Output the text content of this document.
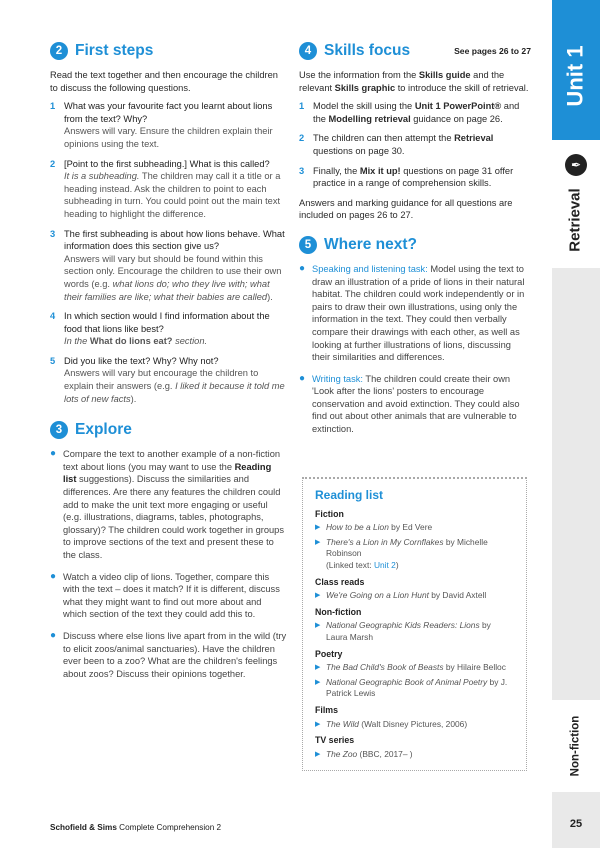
Unit 1
✒
Retrieval
Non-fiction
25
Schofield & Sims Complete Comprehension 2
2 First steps

Read the text together and then encourage the children to discuss the following questions.

1 What was your favourite fact you learnt about lions from the text? Why?
Answers will vary. Ensure the children explain their opinions using the text.
2 [Point to the first subheading.] What is this called?
It is a subheading. The children may call it a title or a heading instead. Ask the children to point to each subheading in turn. You could point out the main text heading to highlight the difference.
3 The first subheading is about how lions behave. What information does this section give us?
Answers will vary but should be found within this section only. Encourage the children to use their own words (e.g. what lions do; who they live with; what their families are like; what their babies are called).
4 In which section would I find information about the food that lions like best?
In the What do lions eat? section.
5 Did you like the text? Why? Why not?
Answers will vary but encourage the children to explain their answers (e.g. I liked it because it told me lots of new facts).
3 Explore
● Compare the text to another example of a non-fiction text about lions (you may want to use the Reading list suggestions). Discuss the similarities and differences. Are there any features the children could add to make the unit text more engaging or useful (e.g. illustrations, diagrams, tables, photographs, glossary)? The children could work together in groups to improve sections of the text and present these to the class.
● Watch a video clip of lions. Together, compare this with the text – does it match? If it is different, discuss what they might want to find out more about and which section of the text they could add this to.
● Discuss where else lions live apart from in the wild (try to elicit zoos/animal sanctuaries). Have the children ever been to a zoo? What are the children's feelings about zoos? Discuss their opinions together.
4 Skills focus	See pages 26 to 27

Use the information from the Skills guide and the relevant Skills graphic to introduce the skill of retrieval.

1 Model the skill using the Unit 1 PowerPoint® and the Modelling retrieval guidance on page 26.
2 The children can then attempt the Retrieval questions on page 30.
3 Finally, the Mix it up! questions on page 31 offer practice in a range of comprehension skills.

Answers and marking guidance for all questions are included on pages 26 to 27.

5 Where next?
● Speaking and listening task: Model using the text to draw an illustration of a pride of lions in their natural habitat. The children could work independently or in pairs to draw their own illustrations, using only the information in the text. They could then verbally compare their drawings with each other, as well as looking at further illustrations of lions, discussing their similarities and differences.
● Writing task: The children could create their own 'Look after the lions' posters to encourage conservation and avoid extinction. They could also find out about other animals that are vulnerable to extinction.
Reading list
Fiction
▶ How to be a Lion by Ed Vere
▶ There's a Lion in My Cornflakes by Michelle Robinson
(Linked text: Unit 2)
Class reads
▶ We're Going on a Lion Hunt by David Axtell
Non-fiction
▶ National Geographic Kids Readers: Lions by Laura Marsh
Poetry
▶ The Bad Child's Book of Beasts by Hilaire Belloc
▶ National Geographic Book of Animal Poetry by J. Patrick Lewis
Films
▶ The Wild (Walt Disney Pictures, 2006)
TV series
▶ The Zoo (BBC, 2017– )
